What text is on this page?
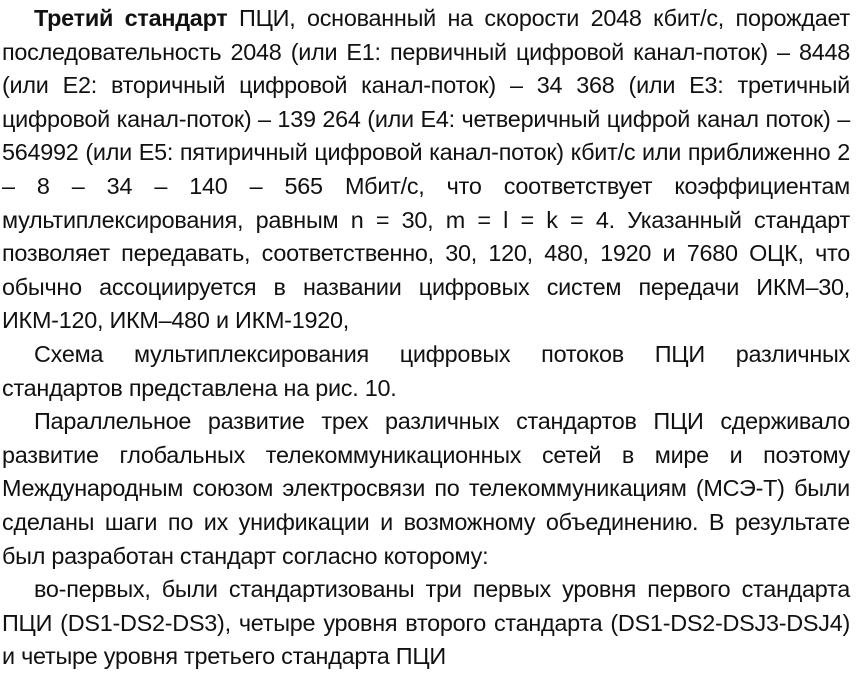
Третий стандарт ПЦИ, основанный на скорости 2048 кбит/с, порождает последовательность 2048 (или Е1: первичный цифровой канал-поток) – 8448 (или Е2: вторичный цифровой канал-поток) – 34 368 (или Е3: третичный цифровой канал-поток) – 139 264 (или Е4: четверичный цифрой канал поток) – 564992 (или Е5: пятиричный цифровой канал-поток) кбит/с или приближенно 2 – 8 – 34 – 140 – 565 Мбит/с, что соответствует коэффициентам мультиплексирования, равным n = 30, m = l = k = 4. Указанный стандарт позволяет передавать, соответственно, 30, 120, 480, 1920 и 7680 ОЦК, что обычно ассоциируется в названии цифровых систем передачи ИКМ–30, ИКМ-120, ИКМ–480 и ИКМ-1920,

Схема мультиплексирования цифровых потоков ПЦИ различных стандартов представлена на рис. 10.

Параллельное развитие трех различных стандартов ПЦИ сдерживало развитие глобальных телекоммуникационных сетей в мире и поэтому Международным союзом электросвязи по телекоммуникациям (МСЭ-Т) были сделаны шаги по их унификации и возможному объединению. В результате был разработан стандарт согласно которому:

во-первых, были стандартизованы три первых уровня первого стандарта ПЦИ (DS1-DS2-DS3), четыре уровня второго стандарта (DS1-DS2-DSJ3-DSJ4) и четыре уровня третьего стандарта ПЦИ
